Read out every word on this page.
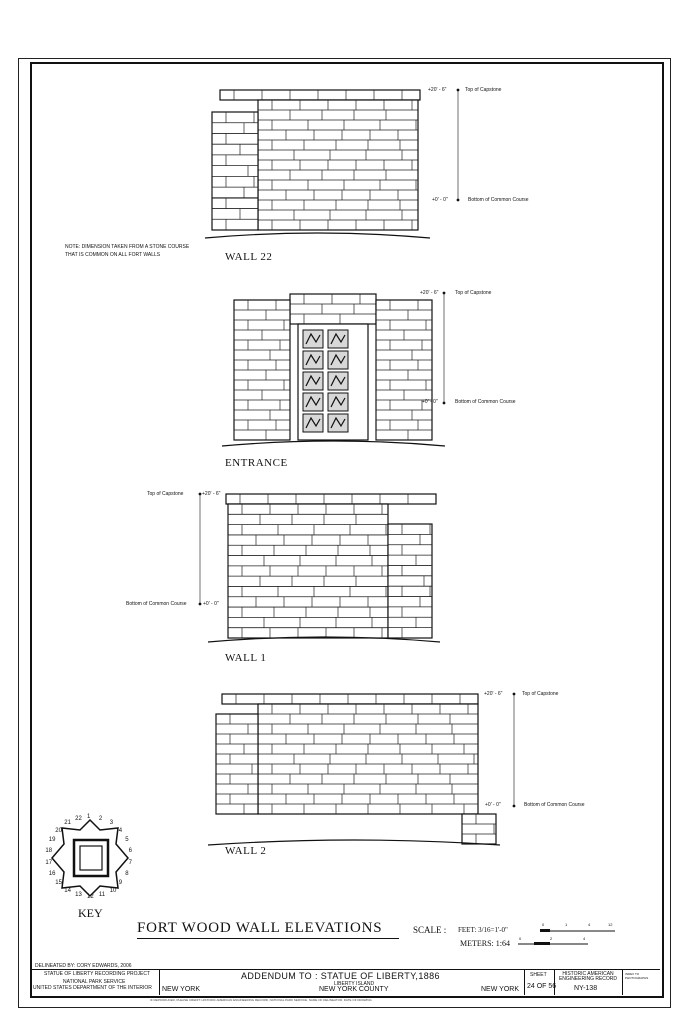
WALL 22
ENTRANCE
WALL 1
WALL 2
+20' - 6"	Top of Capstone
+0' - 0"	Bottom of Common Course
+20' - 6"	Top of Capstone
+0' - 0"	Bottom of Common Course
Top of Capstone	+20' - 6"
Bottom of Common Course	+0' - 0"
+20' - 6"	Top of Capstone
+0' - 0"	Bottom of Common Course
NOTE: DIMENSION TAKEN FROM A STONE COURSE THAT IS COMMON ON ALL FORT WALLS
1 2
3
4
5
6
7
8
9
10
11
12
13
14
15
16
17
18
19
20
21
22
KEY
FORT WOOD WALL ELEVATIONS	SCALE : FEET: 3/16=1'-0"
METERS: 1:64
0	1	4	12
0	2	4
DELINEATED BY: CORY EDWARDS, 2006
STATUE OF LIBERTY RECORDING PROJECT
NATIONAL PARK SERVICE
UNITED STATES DEPARTMENT OF THE INTERIOR
ADDENDUM TO : STATUE OF LIBERTY,1886
LIBERTY ISLAND
NEW YORK	NEW YORK COUNTY	NEW YORK
SHEET
24 OF 56
HISTORIC AMERICAN ENGINEERING RECORD
NY-138
INDEX TO PHOTOGRAPHS
IF REPRODUCED, PLEASE CREDIT: HISTORIC AMERICAN ENGINEERING RECORD, NATIONAL PARK SERVICE, NAME OF DELINEATOR, DATE OF DRAWING
